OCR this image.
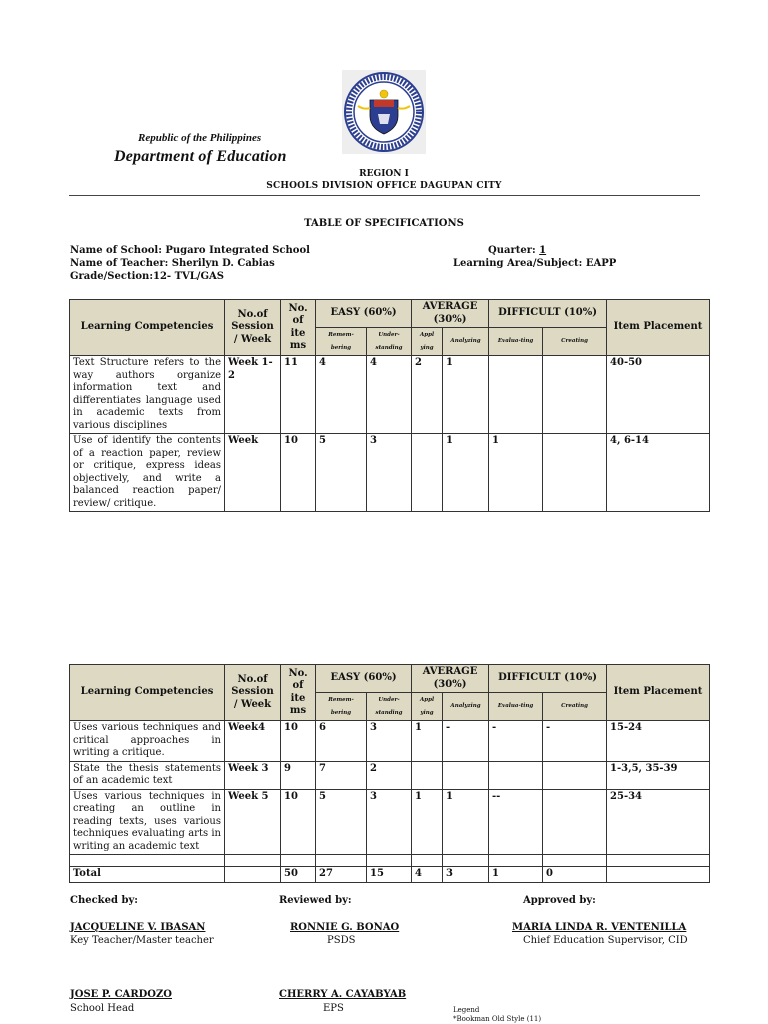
Republic of the Philippines
Department of Education
REGION I
SCHOOLS DIVISION OFFICE DAGUPAN CITY
TABLE OF SPECIFICATIONS
Name of School: Pugaro Integrated School
Name of Teacher: Sherilyn D. Cabias
Grade/Section:12- TVL/GAS
Quarter: 1
Learning Area/Subject: EAPP
Learning Competencies	No.of Session / Week	No. of ite ms	EASY (60%)		AVERAGE (30%)		DIFFICULT (10%)		Item Placement
			Remem- bering	Under- standing	Appl ying	Analyzing	Evalua-ting	Creating	
Text Structure refers to the way authors organize information text and differentiates language used in academic texts from various disciplines	Week 1-2	11	4	4	2	1			40-50
Use of identify the contents of a reaction paper, review or critique, express ideas objectively, and write a balanced reaction paper/ review/ critique.	Week	10	5	3		1	1		4, 6-14
Learning Competencies	No.of Session / Week	No. of ite ms	EASY (60%)		AVERAGE (30%)		DIFFICULT (10%)		Item Placement
			Remem- bering	Under- standing	Appl ying	Analyzing	Evalua-ting	Creating	
Uses various techniques and critical approaches in writing a critique.	Week4	10	6	3	1	-	-	-	15-24
State the thesis statements of an academic text	Week 3	9	7	2					1-3,5, 35-39
Uses various techniques in creating an outline in reading texts, uses various techniques evaluating arts in writing an academic text	Week 5	10	5	3	1	1	--		25-34

Total		50	27	15	4	3	1	0	
Checked by:	Reviewed by:	Approved by:
JACQUELINE V. IBASAN
Key Teacher/Master teacher
RONNIE G. BONAO
PSDS
MARIA LINDA R. VENTENILLA
Chief Education Supervisor, CID
JOSE P. CARDOZO
School Head
CHERRY A. CAYABYAB
EPS	Legend
*Bookman Old Style (11)
